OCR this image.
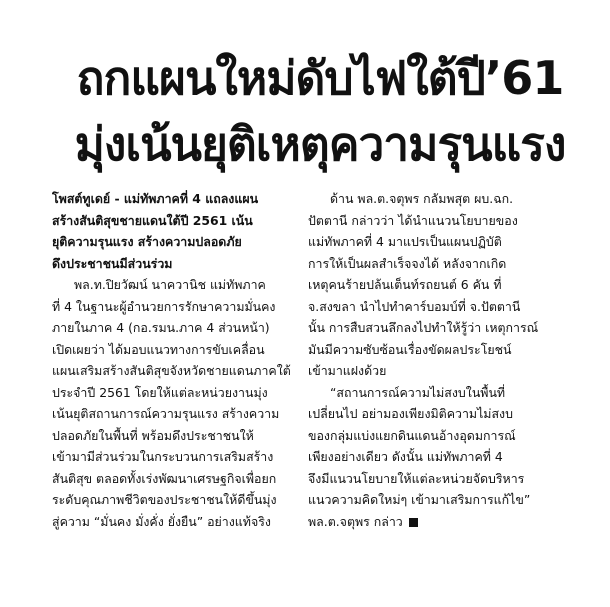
ถกแผนใหม่ดับไฟใต้ปี’61
มุ่งเน้นยุติเหตุความรุนแรง
โพสต์ทูเดย์ - แม่ทัพภาคที่ 4 แถลงแผน
สร้างสันติสุขชายแดนใต้ปี 2561 เน้น
ยุติความรุนแรง สร้างความปลอดภัย
ดึงประชาชนมีส่วนร่วม
พล.ท.ปิยวัฒน์ นาควานิช แม่ทัพภาค
ที่ 4 ในฐานะผู้อำนวยการรักษาความมั่นคง
ภายในภาค 4 (กอ.รมน.ภาค 4 ส่วนหน้า)
เปิดเผยว่า ได้มอบแนวทางการขับเคลื่อน
แผนเสริมสร้างสันติสุขจังหวัดชายแดนภาคใต้
ประจำปี 2561 โดยให้แต่ละหน่วยงานมุ่ง
เน้นยุติสถานการณ์ความรุนแรง สร้างความ
ปลอดภัยในพื้นที่ พร้อมดึงประชาชนให้
เข้ามามีส่วนร่วมในกระบวนการเสริมสร้าง
สันติสุข ตลอดทั้งเร่งพัฒนาเศรษฐกิจเพื่อยก
ระดับคุณภาพชีวิตของประชาชนให้ดีขึ้นมุ่ง
สู่ความ “มั่นคง มั่งคั่ง ยั่งยืน” อย่างแท้จริง
ด้าน พล.ต.จตุพร กลัมพสุต ผบ.ฉก.
ปัตตานี กล่าวว่า ได้นำแนวนโยบายของ
แม่ทัพภาคที่ 4 มาแปรเป็นแผนปฏิบัติ
การให้เป็นผลสำเร็จจงได้ หลังจากเกิด
เหตุคนร้ายปล้นเต็นท์รถยนต์ 6 คัน ที่
จ.สงขลา นำไปทำคาร์บอมบ์ที่ จ.ปัตตานี
นั้น การสืบสวนลึกลงไปทำให้รู้ว่า เหตุการณ์
มันมีความซับซ้อนเรื่องขัดผลประโยชน์
เข้ามาแฝงด้วย
“สถานการณ์ความไม่สงบในพื้นที่
เปลี่ยนไป อย่ามองเพียงมิติความไม่สงบ
ของกลุ่มแบ่งแยกดินแดนอ้างอุดมการณ์
เพียงอย่างเดียว ดังนั้น แม่ทัพภาคที่ 4
จึงมีแนวนโยบายให้แต่ละหน่วยจัดบริหาร
แนวความคิดใหม่ๆ เข้ามาเสริมการแก้ไข”
พล.ต.จตุพร กล่าว
